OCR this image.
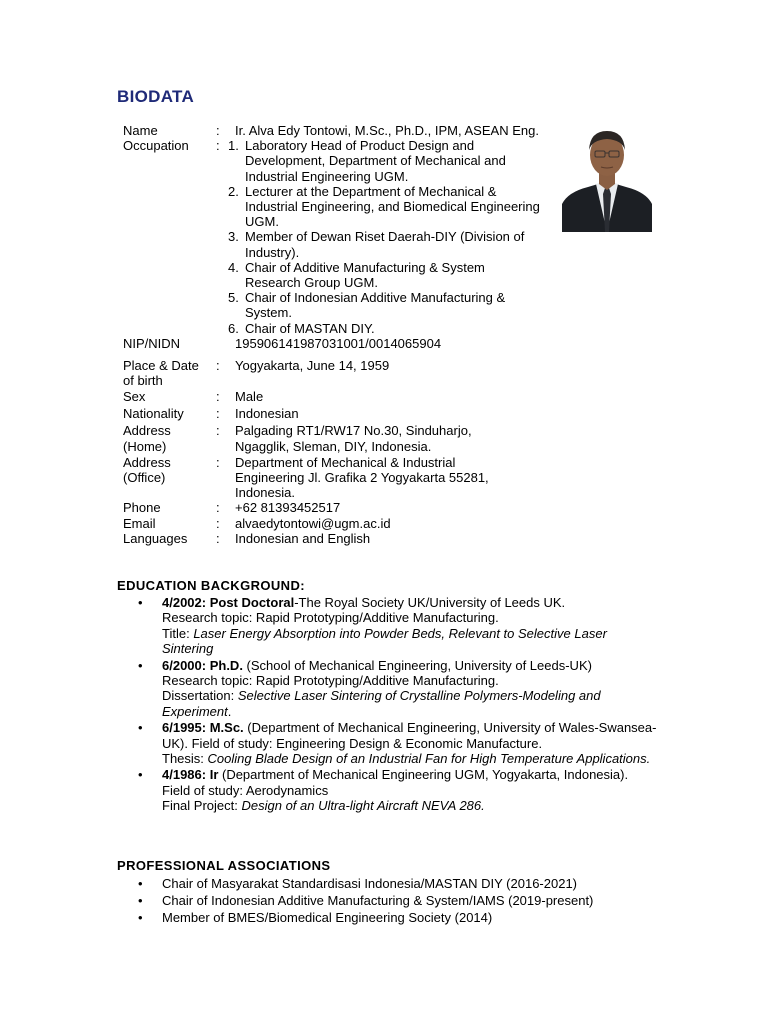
BIODATA
Name	: Ir. Alva Edy Tontowi, M.Sc., Ph.D., IPM, ASEAN Eng.
Occupation	: 1. Laboratory Head of Product Design and Development, Department of Mechanical and Industrial Engineering UGM.
2. Lecturer at the Department of Mechanical & Industrial Engineering, and Biomedical Engineering UGM.
3. Member of Dewan Riset Daerah-DIY (Division of Industry).
4. Chair of Additive Manufacturing & System Research Group UGM.
5. Chair of Indonesian Additive Manufacturing & System.
6. Chair of MASTAN DIY.
NIP/NIDN	195906141987031001/0014065904
Place & Date of birth
: Yogyakarta, June 14, 1959
Sex	: Male
Nationality	: Indonesian
Address (Home)
: Palgading RT1/RW17 No.30, Sinduharjo, Ngagglik, Sleman, DIY, Indonesia.
Address (Office)
: Department of Mechanical & Industrial Engineering Jl. Grafika 2 Yogyakarta 55281, Indonesia.
Phone	: +62 81393452517
Email	: alvaedytontowi@ugm.ac.id
Languages	: Indonesian and English
EDUCATION BACKGROUND:
• 4/2002: Post Doctoral-The Royal Society UK/University of Leeds UK.
Research topic: Rapid Prototyping/Additive Manufacturing.
Title: Laser Energy Absorption into Powder Beds, Relevant to Selective Laser Sintering
• 6/2000: Ph.D. (School of Mechanical Engineering, University of Leeds-UK)
Research topic: Rapid Prototyping/Additive Manufacturing.
Dissertation: Selective Laser Sintering of Crystalline Polymers-Modeling and Experiment.
• 6/1995: M.Sc. (Department of Mechanical Engineering, University of Wales-Swansea-UK). Field of study: Engineering Design & Economic Manufacture.
Thesis: Cooling Blade Design of an Industrial Fan for High Temperature Applications.
• 4/1986: Ir (Department of Mechanical Engineering UGM, Yogyakarta, Indonesia).
Field of study: Aerodynamics
Final Project: Design of an Ultra-light Aircraft NEVA 286.
PROFESSIONAL ASSOCIATIONS
• Chair of Masyarakat Standardisasi Indonesia/MASTAN DIY (2016-2021)
• Chair of Indonesian Additive Manufacturing & System/IAMS (2019-present)
• Member of BMES/Biomedical Engineering Society (2014)
